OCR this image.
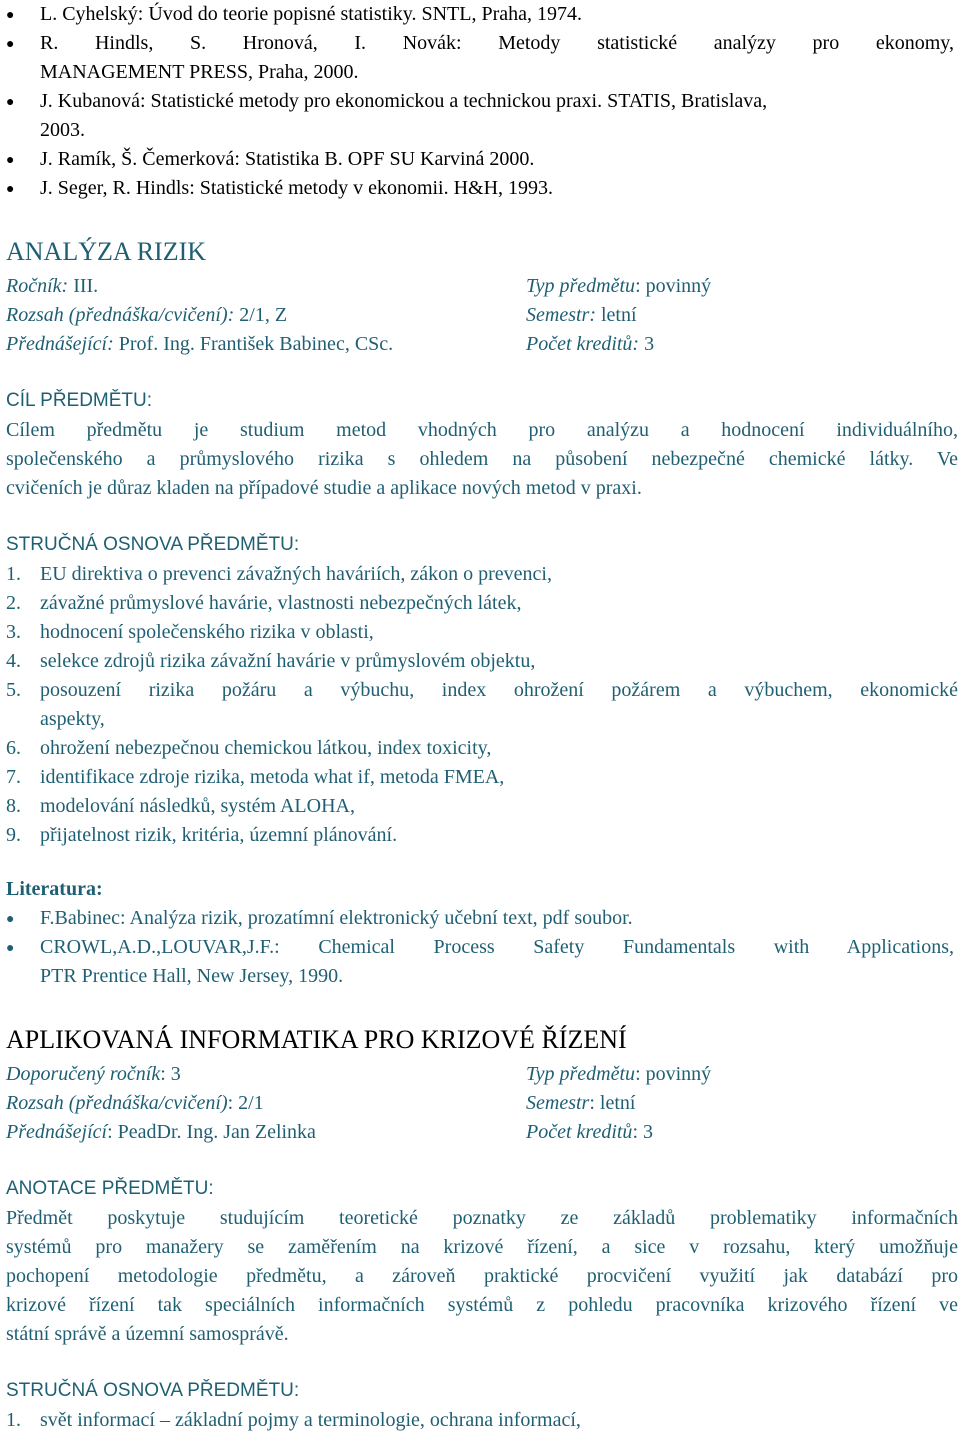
● L. Cyhelský: Úvod do teorie popisné statistiky. SNTL, Praha, 1974.
● R. Hindls, S. Hronová, I. Novák: Metody statistické analýzy pro ekonomy,
MANAGEMENT PRESS, Praha, 2000.
● J. Kubanová: Statistické metody pro ekonomickou a technickou praxi. STATIS, Bratislava,
2003.
● J. Ramík, Š. Čemerková: Statistika B. OPF SU Karviná 2000.
● J. Seger, R. Hindls: Statistické metody v ekonomii. H&H, 1993.
ANALÝZA RIZIK
Ročník: III.	Typ předmětu: povinný
Rozsah (přednáška/cvičení): 2/1, Z	Semestr: letní
Přednášející: Prof. Ing. František Babinec, CSc.	Počet kreditů: 3
CÍL PŘEDMĚTU:
Cílem předmětu je studium metod vhodných pro analýzu a hodnocení individuálního,
společenského a průmyslového rizika s ohledem na působení nebezpečné chemické látky. Ve
cvičeních je důraz kladen na případové studie a aplikace nových metod v praxi.
STRUČNÁ OSNOVA PŘEDMĚTU:
1. EU direktiva o prevenci závažných haváriích, zákon o prevenci,
2. závažné průmyslové havárie, vlastnosti nebezpečných látek,
3. hodnocení společenského rizika v oblasti,
4. selekce zdrojů rizika závažní havárie v průmyslovém objektu,
5. posouzení rizika požáru a výbuchu, index ohrožení požárem a výbuchem, ekonomické
aspekty,
6. ohrožení nebezpečnou chemickou látkou, index toxicity,
7. identifikace zdroje rizika, metoda what if, metoda FMEA,
8. modelování následků, systém ALOHA,
9. přijatelnost rizik, kritéria, územní plánování.
Literatura:
● F.Babinec: Analýza rizik, prozatímní elektronický učební text, pdf soubor.
● CROWL,A.D.,LOUVAR,J.F.: Chemical Process Safety Fundamentals with Applications,
PTR Prentice Hall, New Jersey, 1990.
APLIKOVANÁ INFORMATIKA PRO KRIZOVÉ ŘÍZENÍ
Doporučený ročník: 3	Typ předmětu: povinný
Rozsah (přednáška/cvičení): 2/1	Semestr: letní
Přednášející: PeadDr. Ing. Jan Zelinka	Počet kreditů: 3
ANOTACE PŘEDMĚTU:
Předmět poskytuje studujícím teoretické poznatky ze základů problematiky informačních
systémů pro manažery se zaměřením na krizové řízení, a sice v rozsahu, který umožňuje
pochopení metodologie předmětu, a zároveň praktické procvičení využití jak databází pro
krizové řízení tak speciálních informačních systémů z pohledu pracovníka krizového řízení ve
státní správě a územní samosprávě.
STRUČNÁ OSNOVA PŘEDMĚTU:
1. svět informací – základní pojmy a terminologie, ochrana informací,
